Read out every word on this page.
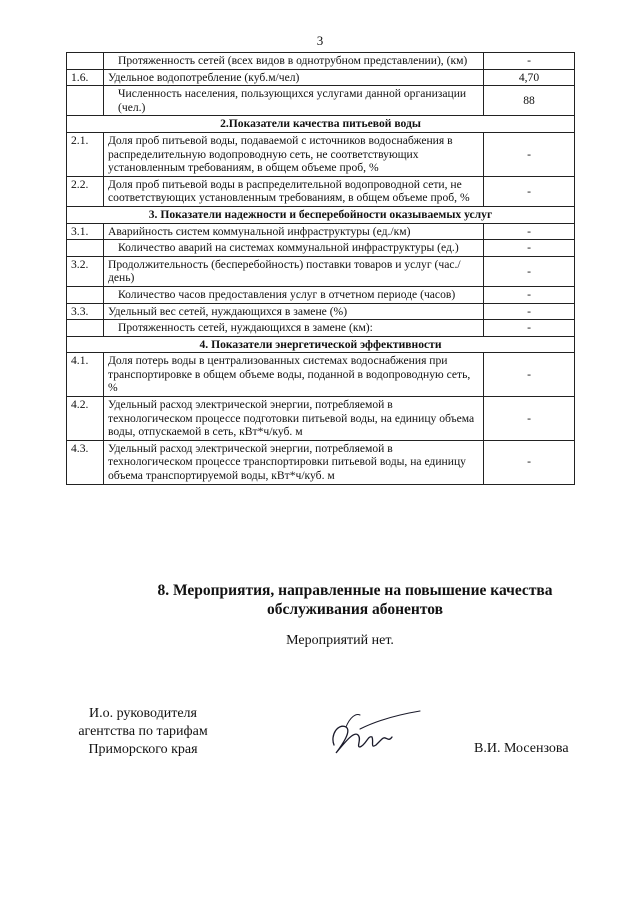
3
	Протяженность сетей (всех видов в однотрубном представлении), (км)	-
1.6.	Удельное водопотребление (куб.м/чел)	4,70
	Численность населения, пользующихся услугами данной организации (чел.)	88
2.Показатели качества питьевой воды		
2.1.	Доля проб питьевой воды, подаваемой с источников водоснабжения в распределительную водопроводную сеть, не соответствующих установленным требованиям, в общем объеме проб, %	-
2.2.	Доля проб питьевой воды в распределительной водопроводной сети, не соответствующих установленным требованиям, в общем объеме проб, %	-
3. Показатели надежности и бесперебойности оказываемых услуг		
3.1.	Аварийность систем коммунальной инфраструктуры (ед./км)	-
	Количество аварий на системах коммунальной инфраструктуры (ед.)	-
3.2.	Продолжительность (бесперебойность) поставки товаров и услуг (час./день)	-
	Количество часов предоставления услуг в отчетном периоде (часов)	-
3.3.	Удельный вес сетей, нуждающихся в замене (%)	-
	Протяженность сетей, нуждающихся в замене (км):	-
4. Показатели энергетической эффективности		
4.1.	Доля потерь воды в централизованных системах водоснабжения при транспортировке в общем объеме воды, поданной в водопроводную сеть, %	-
4.2.	Удельный расход электрической энергии, потребляемой в технологическом процессе подготовки питьевой воды, на единицу объема воды, отпускаемой в сеть, кВт*ч/куб. м	-
4.3.	Удельный расход электрической энергии, потребляемой в технологическом процессе транспортировки питьевой воды, на единицу объема транспортируемой воды, кВт*ч/куб. м	-
8. Мероприятия, направленные на повышение качества
обслуживания абонентов
Мероприятий нет.
И.о. руководителя
агентства по тарифам
Приморского края	В.И. Мосензова
